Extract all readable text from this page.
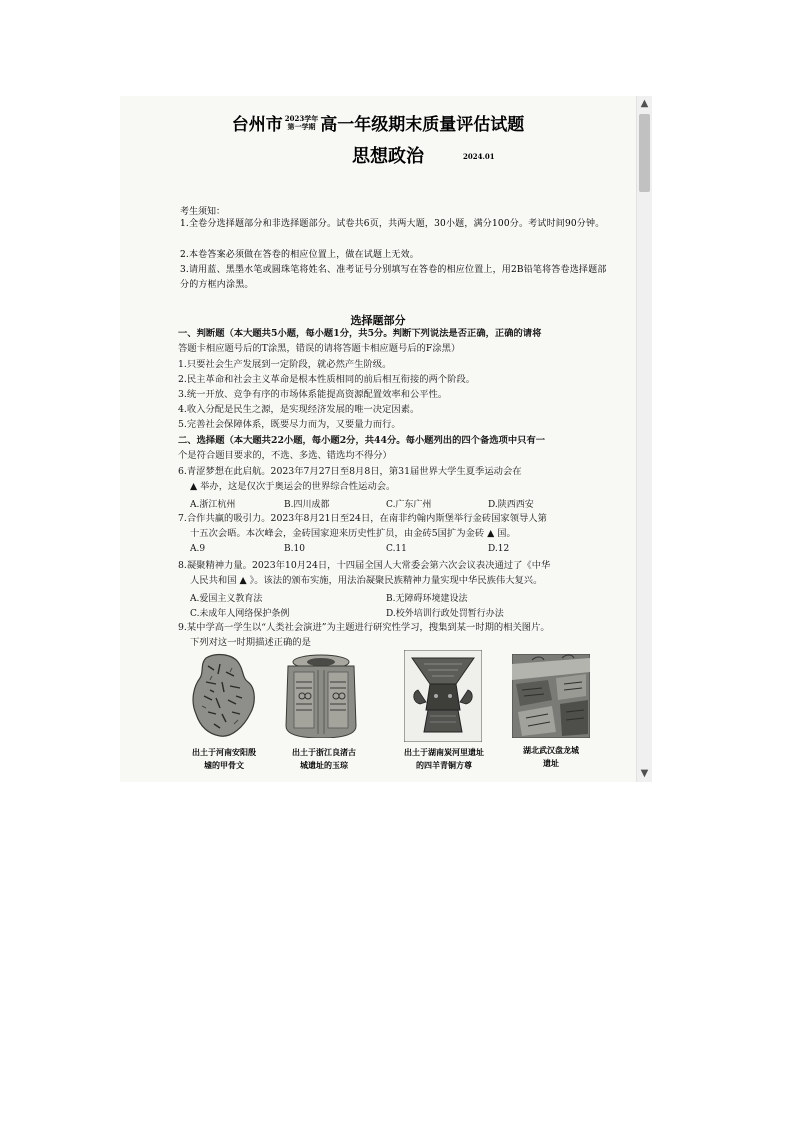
台州市 2023学年
第一学期 高一年级期末质量评估试题
思想政治	2024.01
考生须知：
1.全卷分选择题部分和非选择题部分。试卷共6页，共两大题，30小题，满分100分。考试时间90分钟。
2.本卷答案必须做在答卷的相应位置上，做在试题上无效。
3.请用蓝、黑墨水笔或圆珠笔将姓名、准考证号分别填写在答卷的相应位置上，用2B铅笔将答卷选择题部分的方框内涂黑。
选择题部分
一、判断题（本大题共5小题，每小题1分，共5分。判断下列说法是否正确，正确的请将
答题卡相应题号后的T涂黑，错误的请将答题卡相应题号后的F涂黑）
1.只要社会生产发展到一定阶段，就必然产生阶级。
2.民主革命和社会主义革命是根本性质相同的前后相互衔接的两个阶段。
3.统一开放、竞争有序的市场体系能提高资源配置效率和公平性。
4.收入分配是民生之源，是实现经济发展的唯一决定因素。
5.完善社会保障体系，既要尽力而为，又要量力而行。
二、选择题（本大题共22小题，每小题2分，共44分。每小题列出的四个备选项中只有一
个是符合题目要求的，不选、多选、错选均不得分）
6.青涩梦想在此启航。2023年7月27日至8月8日，第31届世界大学生夏季运动会在
▲ 举办，这是仅次于奥运会的世界综合性运动会。
A.浙江杭州	B.四川成都	C.广东广州	D.陕西西安
7.合作共赢的吸引力。2023年8月21日至24日，在南非约翰内斯堡举行金砖国家领导人第
十五次会晤。本次峰会，金砖国家迎来历史性扩员，由金砖5国扩为金砖 ▲ 国。
A.9	B.10	C.11	D.12
8.凝聚精神力量。2023年10月24日，十四届全国人大常委会第六次会议表决通过了《中华
人民共和国 ▲ 》。该法的颁布实施，用法治凝聚民族精神力量实现中华民族伟大复兴。
A.爱国主义教育法	B.无障碍环境建设法
C.未成年人网络保护条例	D.校外培训行政处罚暂行办法
9.某中学高一学生以“人类社会演进”为主题进行研究性学习，搜集到某一时期的相关图片。
下列对这一时期描述正确的是
出土于河南安阳殷
墟的甲骨文
出土于浙江良渚古
城遗址的玉琮
出土于湖南炭河里遗址
的四羊青铜方尊
湖北武汉盘龙城
遗址
▲
▼
